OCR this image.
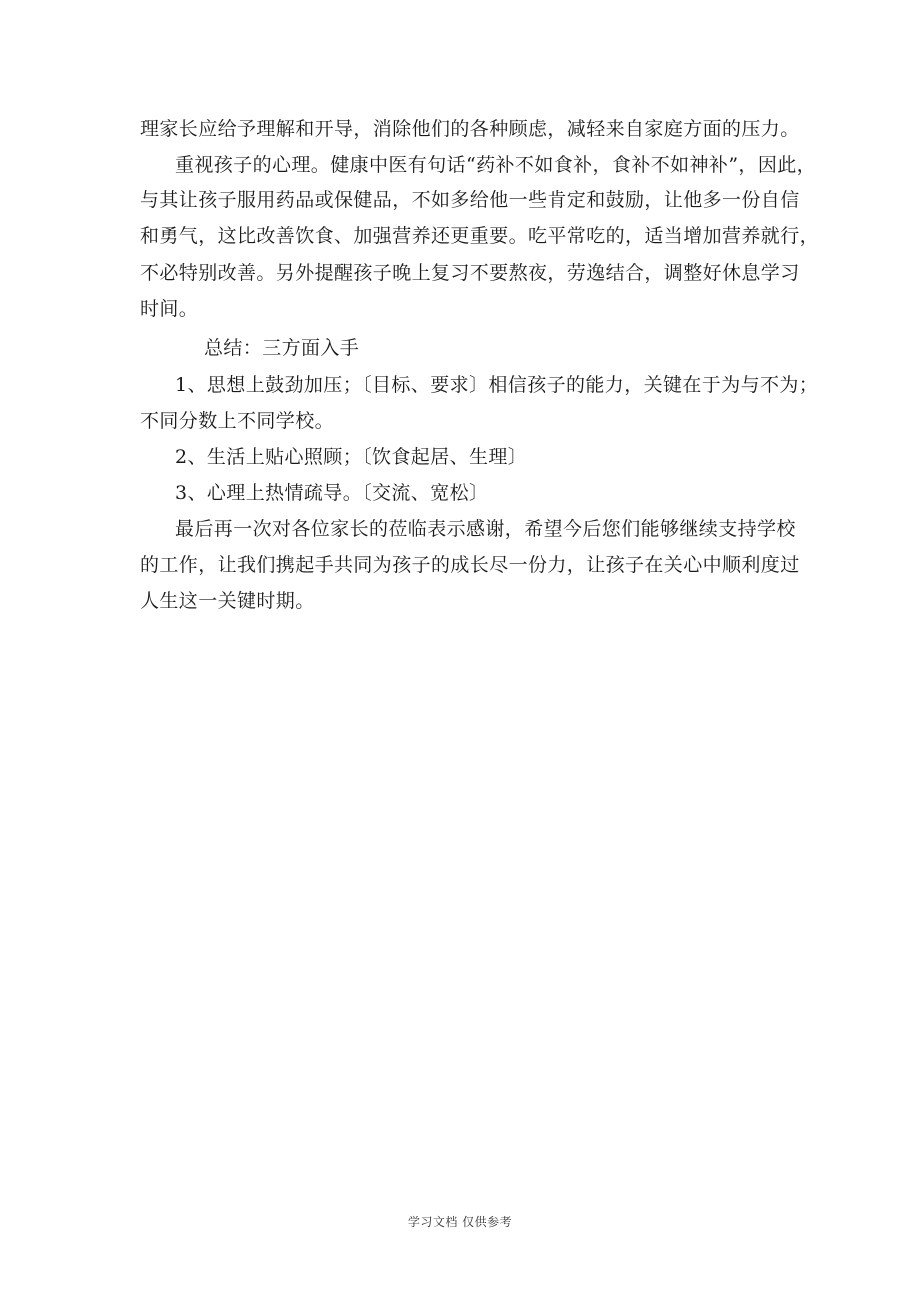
理家长应给予理解和开导，消除他们的各种顾虑，减轻来自家庭方面的压力。
重视孩子的心理。健康中医有句话“药补不如食补，食补不如神补”，因此，
与其让孩子服用药品或保健品，不如多给他一些肯定和鼓励，让他多一份自信
和勇气，这比改善饮食、加强营养还更重要。吃平常吃的，适当增加营养就行，
不必特别改善。另外提醒孩子晚上复习不要熬夜，劳逸结合，调整好休息学习
时间。
总结：三方面入手
1、思想上鼓劲加压；〔目标、要求〕相信孩子的能力，关键在于为与不为；
不同分数上不同学校。
2、生活上贴心照顾；〔饮食起居、生理〕
3、心理上热情疏导。〔交流、宽松〕
最后再一次对各位家长的莅临表示感谢，希望今后您们能够继续支持学校
的工作，让我们携起手共同为孩子的成长尽一份力，让孩子在关心中顺利度过
人生这一关键时期。
学习文档 仅供参考
